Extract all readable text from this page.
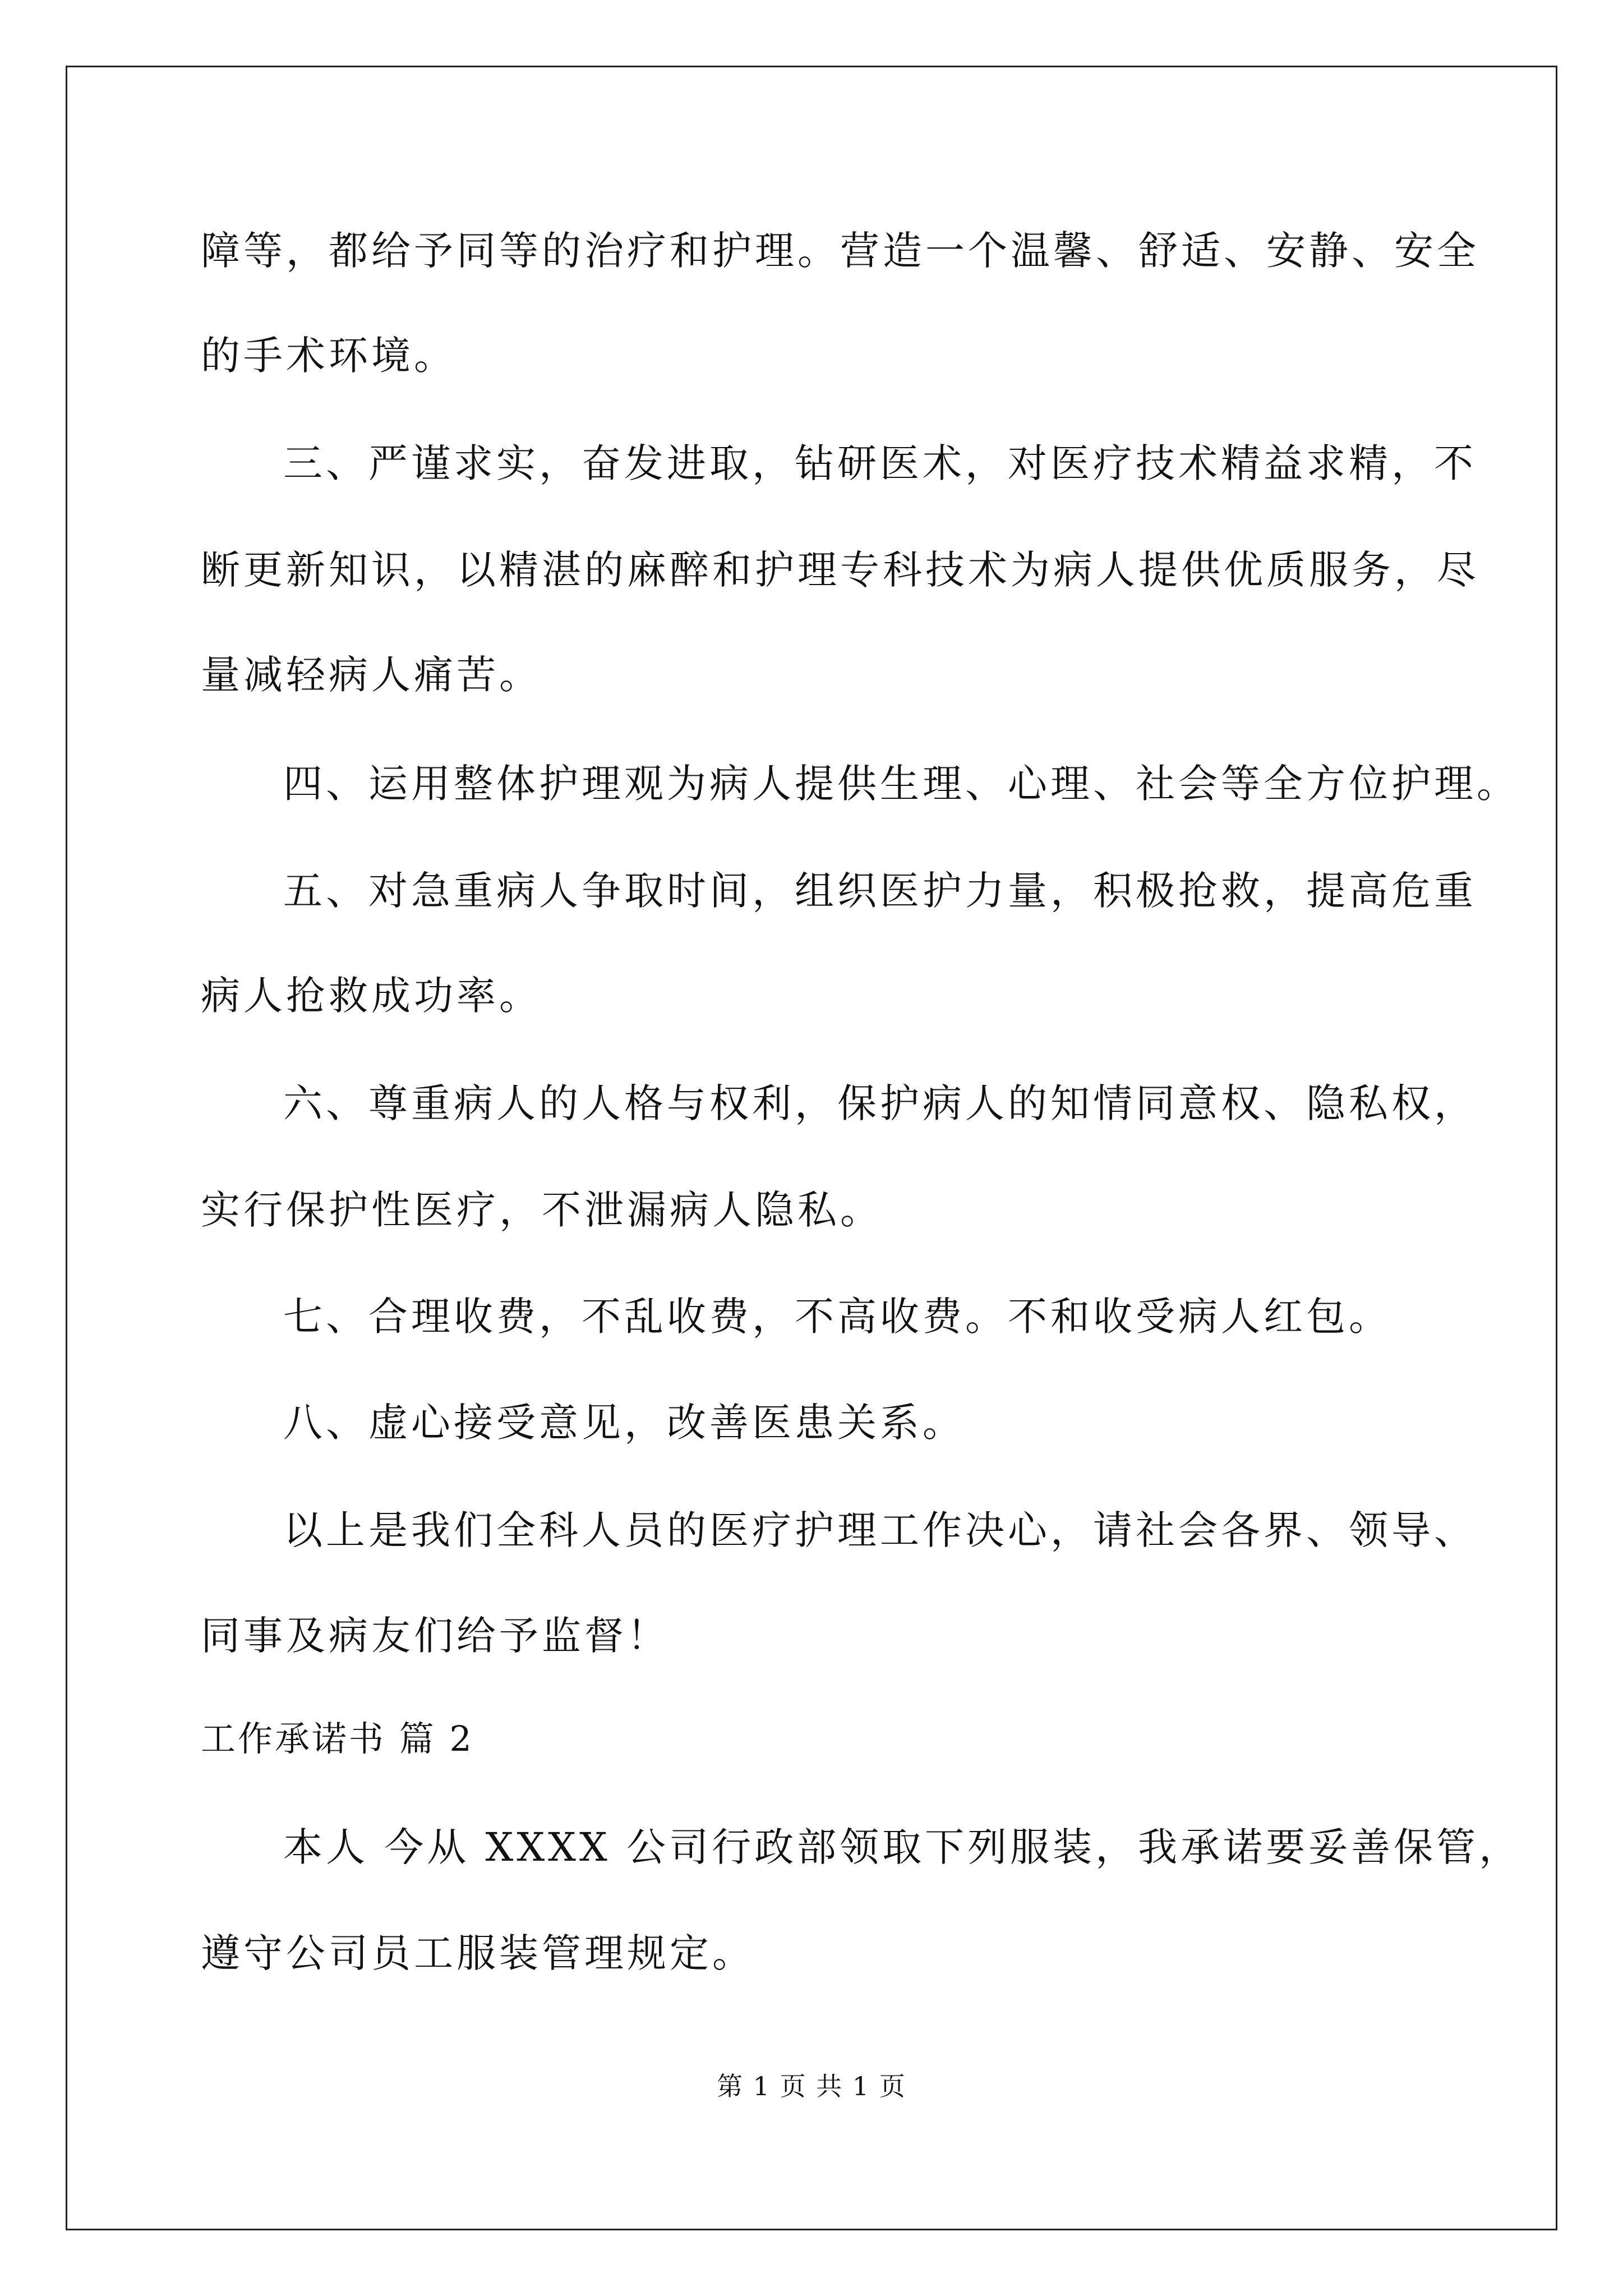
障等，都给予同等的治疗和护理。营造一个温馨、舒适、安静、安全
的手术环境。
三、严谨求实，奋发进取，钻研医术，对医疗技术精益求精，不
断更新知识，以精湛的麻醉和护理专科技术为病人提供优质服务，尽
量减轻病人痛苦。
四、运用整体护理观为病人提供生理、心理、社会等全方位护理。
五、对急重病人争取时间，组织医护力量，积极抢救，提高危重
病人抢救成功率。
六、尊重病人的人格与权利，保护病人的知情同意权、隐私权，
实行保护性医疗，不泄漏病人隐私。
七、合理收费，不乱收费，不高收费。不和收受病人红包。
八、虚心接受意见，改善医患关系。
以上是我们全科人员的医疗护理工作决心，请社会各界、领导、
同事及病友们给予监督！
工作承诺书 篇 2
本人 今从 XXXX 公司行政部领取下列服装，我承诺要妥善保管，
遵守公司员工服装管理规定。
第 1 页 共 1 页
